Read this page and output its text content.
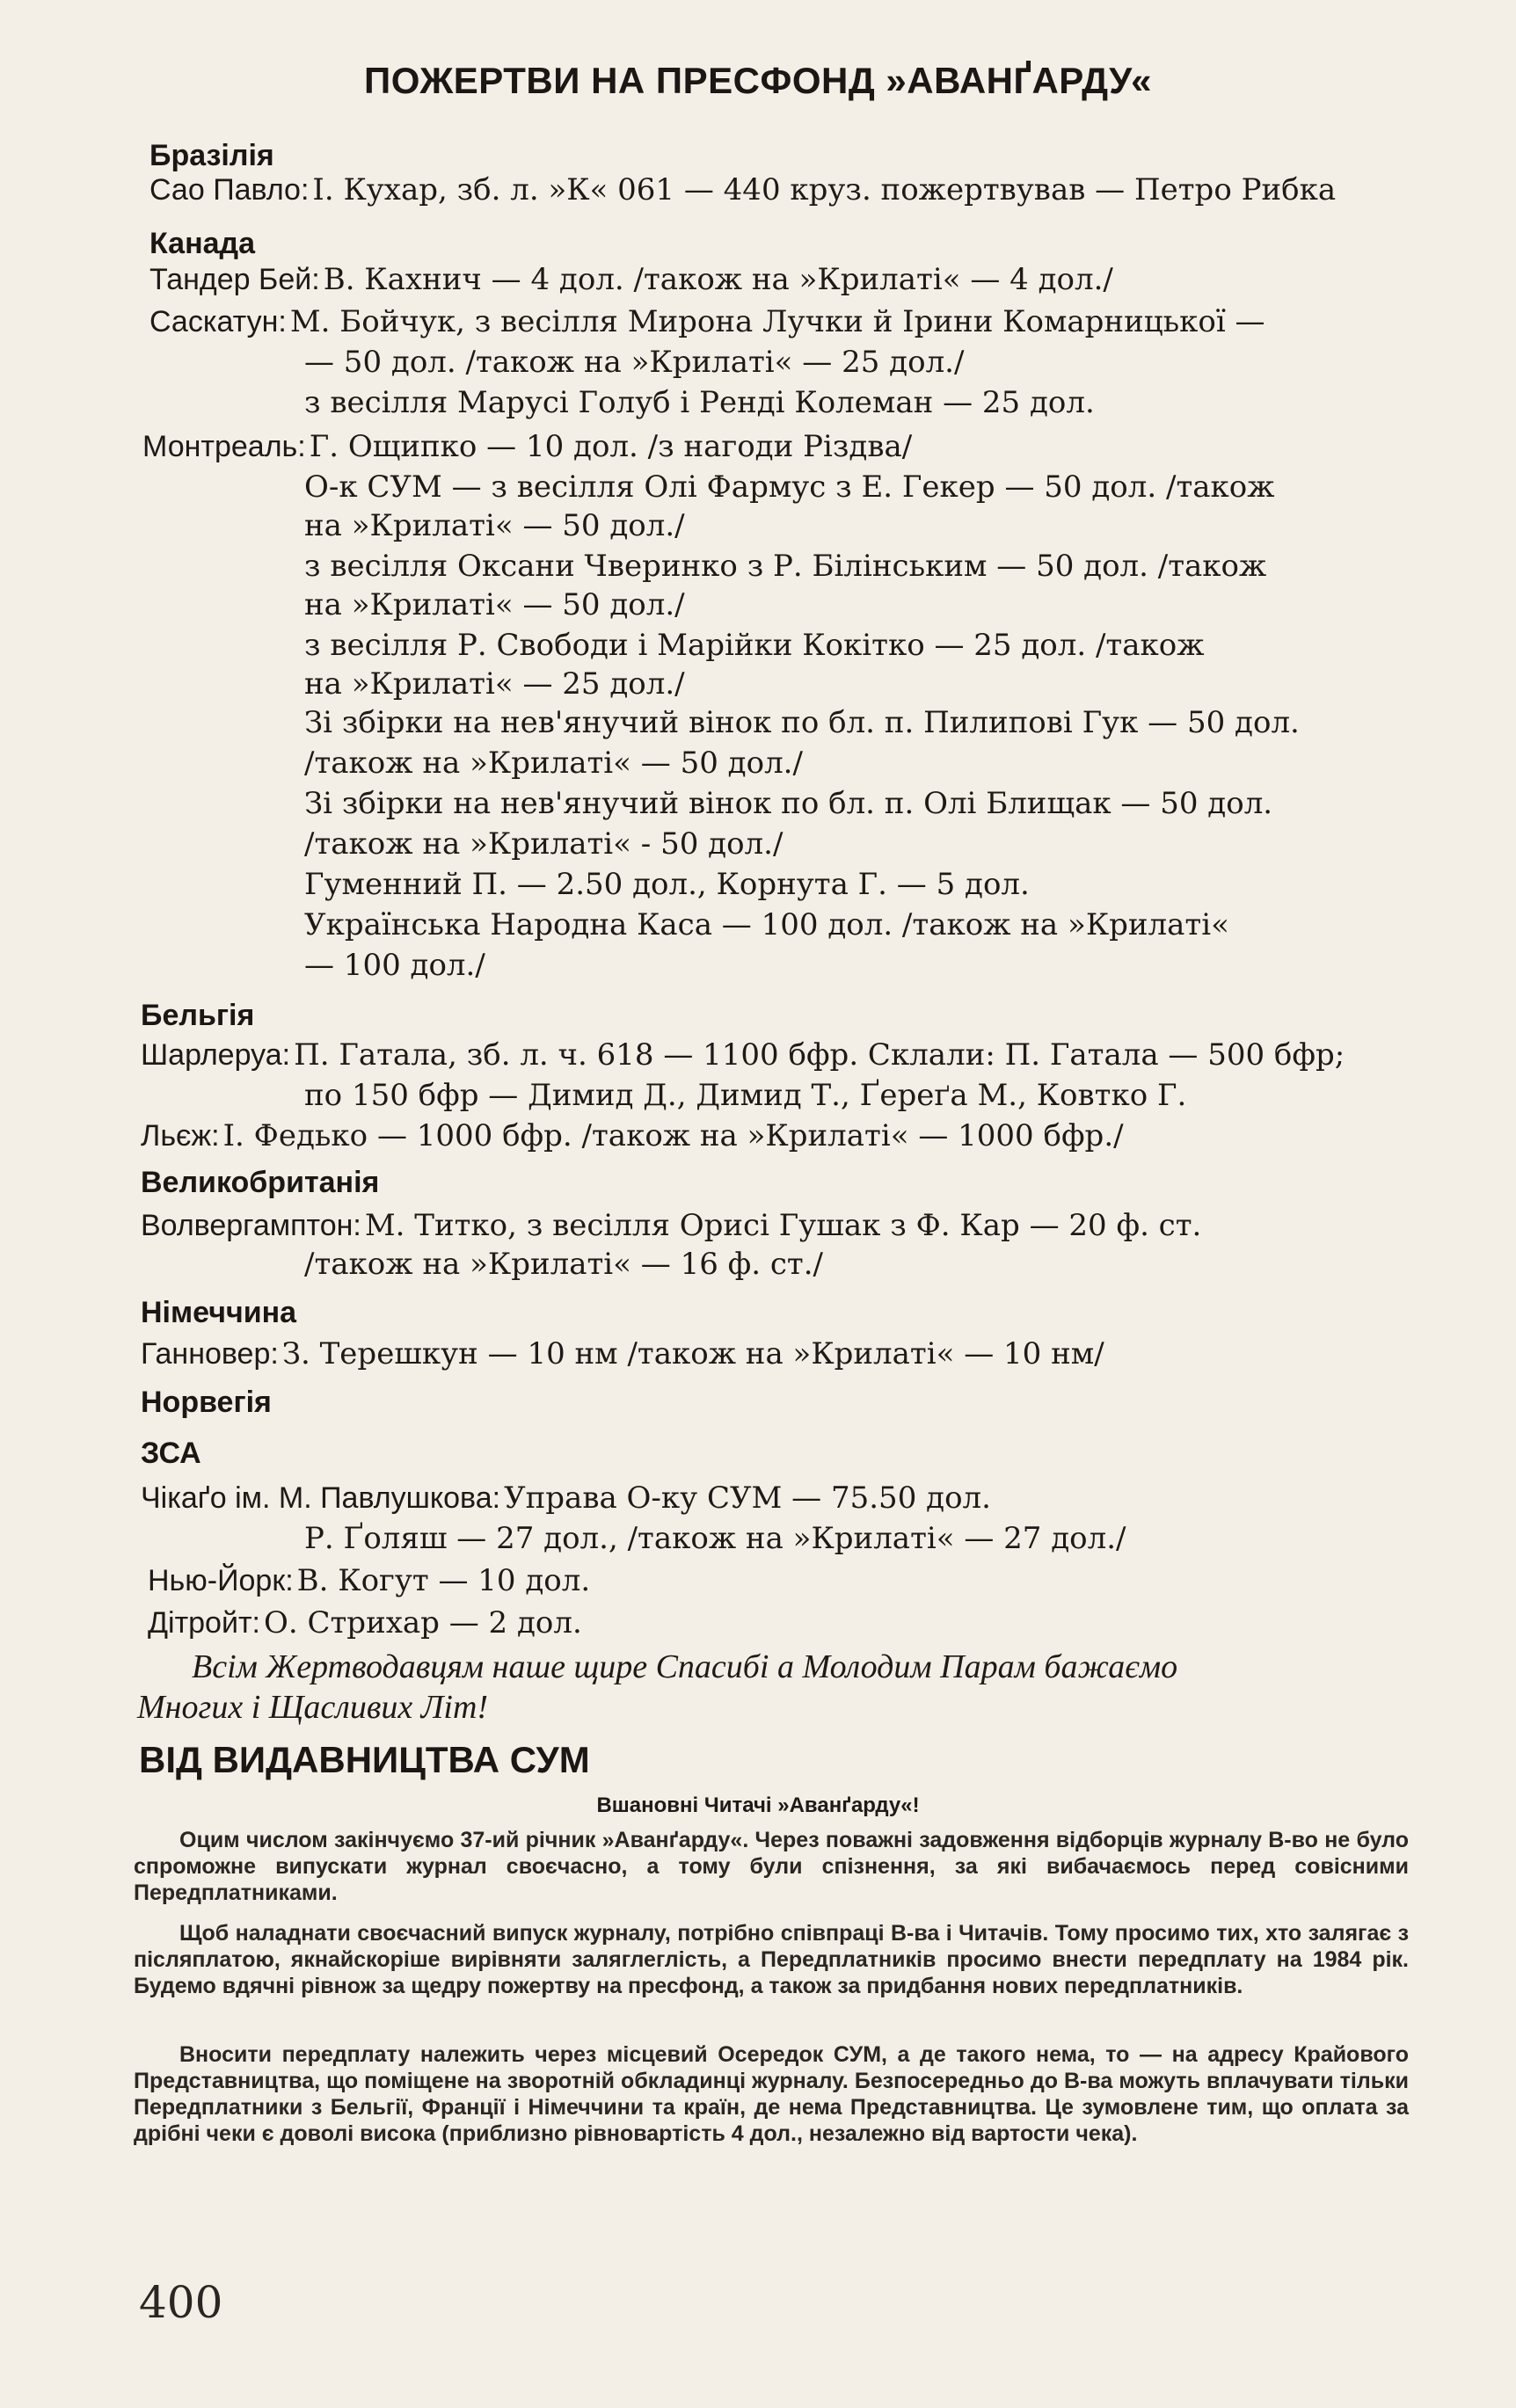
ПОЖЕРТВИ НА ПРЕСФОНД »АВАНҐАРДУ«
Бразілія
Сао Павло: І. Кухар, зб. л. »К« 061 — 440 круз. пожертвував — Петро Рибка
Канада
Тандер Бей: В. Кахнич — 4 дол. /також на »Крилаті« — 4 дол./
Саскатун: М. Бойчук, з весілля Мирона Лучки й Ірини Комарницької —
— 50 дол. /також на »Крилаті« — 25 дол./
з весілля Марусі Голуб і Ренді Колеман — 25 дол.
Монтреаль: Г. Ощипко — 10 дол. /з нагоди Різдва/
О-к СУМ — з весілля Олі Фармус з Е. Гекер — 50 дол. /також
на »Крилаті« — 50 дол./
з весілля Оксани Чверинко з Р. Білінським — 50 дол. /також
на »Крилаті« — 50 дол./
з весілля Р. Свободи і Марійки Кокітко — 25 дол. /також
на »Крилаті« — 25 дол./
Зі збірки на нев'янучий вінок по бл. п. Пилипові Гук — 50 дол.
/також на »Крилаті« — 50 дол./
Зі збірки на нев'янучий вінок по бл. п. Олі Блищак — 50 дол.
/також на »Крилаті« - 50 дол./
Гуменний П. — 2.50 дол., Корнута Г. — 5 дол.
Українська Народна Каса — 100 дол. /також на »Крилаті«
— 100 дол./
Бельгія
Шарлеруа: П. Гатала, зб. л. ч. 618 — 1100 бфр. Склали: П. Гатала — 500 бфр;
по 150 бфр — Димид Д., Димид Т., Ґереґа М., Ковтко Г.
Льєж: І. Федько — 1000 бфр. /також на »Крилаті« — 1000 бфр./
Великобританія
Волвергамптон: М. Титко, з весілля Орисі Гушак з Ф. Кар — 20 ф. ст.
/також на »Крилаті« — 16 ф. ст./
Німеччина
Ганновер: З. Терешкун — 10 нм /також на »Крилаті« — 10 нм/
Норвегія
ЗСА
Чікаґо ім. М. Павлушкова: Управа О-ку СУМ — 75.50 дол.
Р. Ґоляш — 27 дол., /також на »Крилаті« — 27 дол./
Нью-Йорк: В. Когут — 10 дол.
Дітройт: О. Стрихар — 2 дол.
Всім Жертводавцям наше щире Спасибі а Молодим Парам бажаємо
Многих і Щасливих Літ!
ВІД ВИДАВНИЦТВА СУМ
Вшановні Читачі »Аванґарду«!
Оцим числом закінчуємо 37-ий річник »Аванґарду«. Через поважні задовження відборців журналу В-во не було спроможне випускати журнал своєчасно, а тому були спізнення, за які вибачаємось перед совісними Передплатниками.
Щоб наладнати своєчасний випуск журналу, потрібно співпраці В-ва і Читачів. Тому просимо тих, хто залягає з післяплатою, якнайскоріше вирівняти заляглеглість, а Передплатників просимо внести передплату на 1984 рік. Будемо вдячні рівнож за щедру пожертву на пресфонд, а також за придбання нових передплатників.
Вносити передплату належить через місцевий Осередок СУМ, а де такого нема, то — на адресу Крайового Представництва, що поміщене на зворотній обкладинці журналу. Безпосередньо до В-ва можуть вплачувати тільки Передплатники з Бельгії, Франції і Німеччини та країн, де нема Представництва. Це зумовлене тим, що оплата за дрібні чеки є доволі висока (приблизно рівновартість 4 дол., незалежно від вартости чека).
400
